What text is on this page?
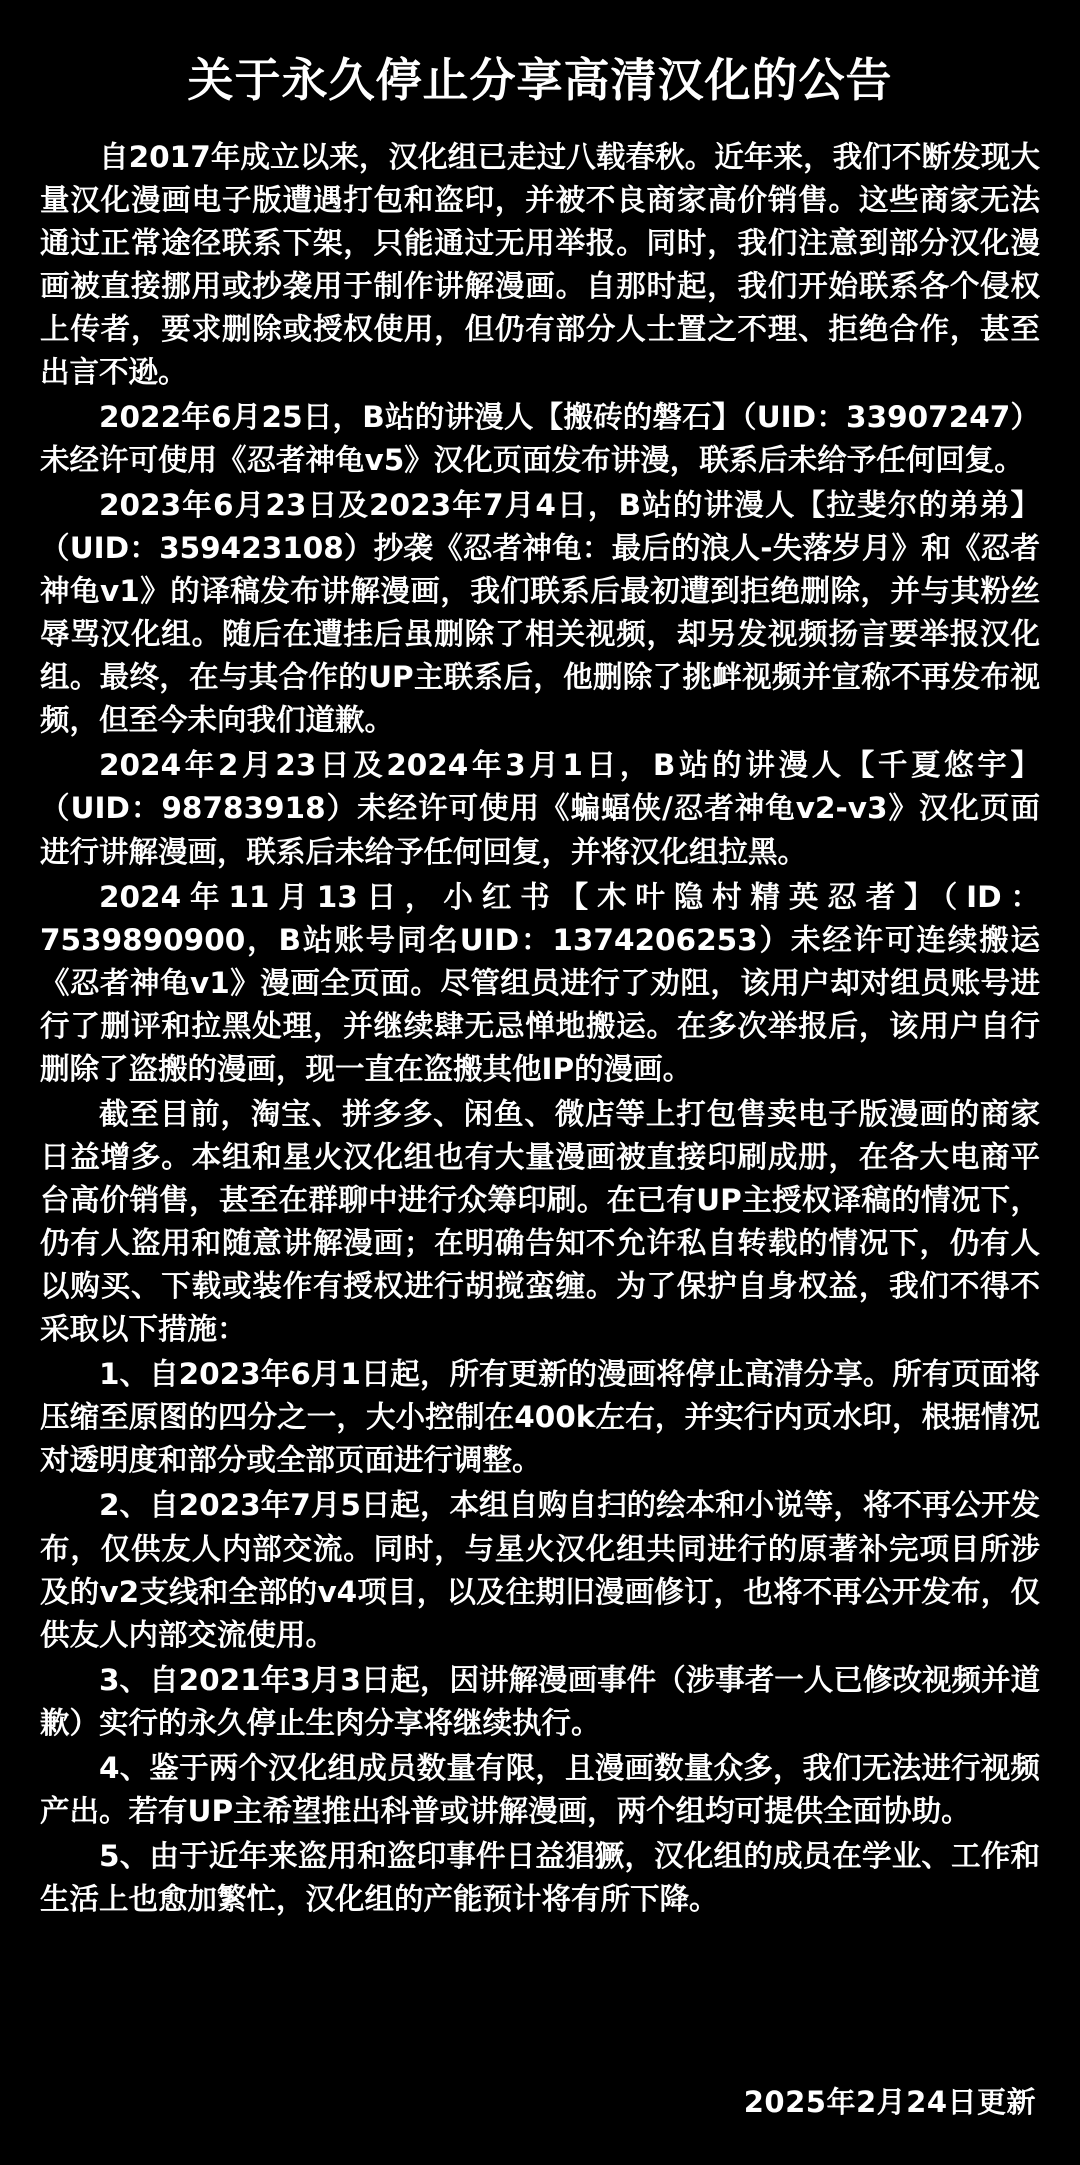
关于永久停止分享高清汉化的公告

自2017年成立以来，汉化组已走过八载春秋。近年来，我们不断发现大量汉化漫画电子版遭遇打包和盗印，并被不良商家高价销售。这些商家无法通过正常途径联系下架，只能通过无用举报。同时，我们注意到部分汉化漫画被直接挪用或抄袭用于制作讲解漫画。自那时起，我们开始联系各个侵权上传者，要求删除或授权使用，但仍有部分人士置之不理、拒绝合作，甚至出言不逊。

2022年6月25日，B站的讲漫人【搬砖的磐石】（UID：33907247）未经许可使用《忍者神龟v5》汉化页面发布讲漫，联系后未给予任何回复。

2023年6月23日及2023年7月4日，B站的讲漫人【拉斐尔的弟弟】（UID：359423108）抄袭《忍者神龟：最后的浪人-失落岁月》和《忍者神龟v1》的译稿发布讲解漫画，我们联系后最初遭到拒绝删除，并与其粉丝辱骂汉化组。随后在遭挂后虽删除了相关视频，却另发视频扬言要举报汉化组。最终，在与其合作的UP主联系后，他删除了挑衅视频并宣称不再发布视频，但至今未向我们道歉。

2024年2月23日及2024年3月1日，B站的讲漫人【千夏悠宇】（UID：98783918）未经许可使用《蝙蝠侠/忍者神龟v2-v3》汉化页面进行讲解漫画，联系后未给予任何回复，并将汉化组拉黑。

2024年11月13日，小红书【木叶隐村精英忍者】（ID：7539890900，B站账号同名UID：1374206253）未经许可连续搬运《忍者神龟v1》漫画全页面。尽管组员进行了劝阻，该用户却对组员账号进行了删评和拉黑处理，并继续肆无忌惮地搬运。在多次举报后，该用户自行删除了盗搬的漫画，现一直在盗搬其他IP的漫画。

截至目前，淘宝、拼多多、闲鱼、微店等上打包售卖电子版漫画的商家日益增多。本组和星火汉化组也有大量漫画被直接印刷成册，在各大电商平台高价销售，甚至在群聊中进行众筹印刷。在已有UP主授权译稿的情况下，仍有人盗用和随意讲解漫画；在明确告知不允许私自转载的情况下，仍有人以购买、下载或装作有授权进行胡搅蛮缠。为了保护自身权益，我们不得不采取以下措施：

1、自2023年6月1日起，所有更新的漫画将停止高清分享。所有页面将压缩至原图的四分之一，大小控制在400k左右，并实行内页水印，根据情况对透明度和部分或全部页面进行调整。

2、自2023年7月5日起，本组自购自扫的绘本和小说等，将不再公开发布，仅供友人内部交流。同时，与星火汉化组共同进行的原著补完项目所涉及的v2支线和全部的v4项目，以及往期旧漫画修订，也将不再公开发布，仅供友人内部交流使用。

3、自2021年3月3日起，因讲解漫画事件（涉事者一人已修改视频并道歉）实行的永久停止生肉分享将继续执行。

4、鉴于两个汉化组成员数量有限，且漫画数量众多，我们无法进行视频产出。若有UP主希望推出科普或讲解漫画，两个组均可提供全面协助。

5、由于近年来盗用和盗印事件日益猖獗，汉化组的成员在学业、工作和生活上也愈加繁忙，汉化组的产能预计将有所下降。

2025年2月24日更新
